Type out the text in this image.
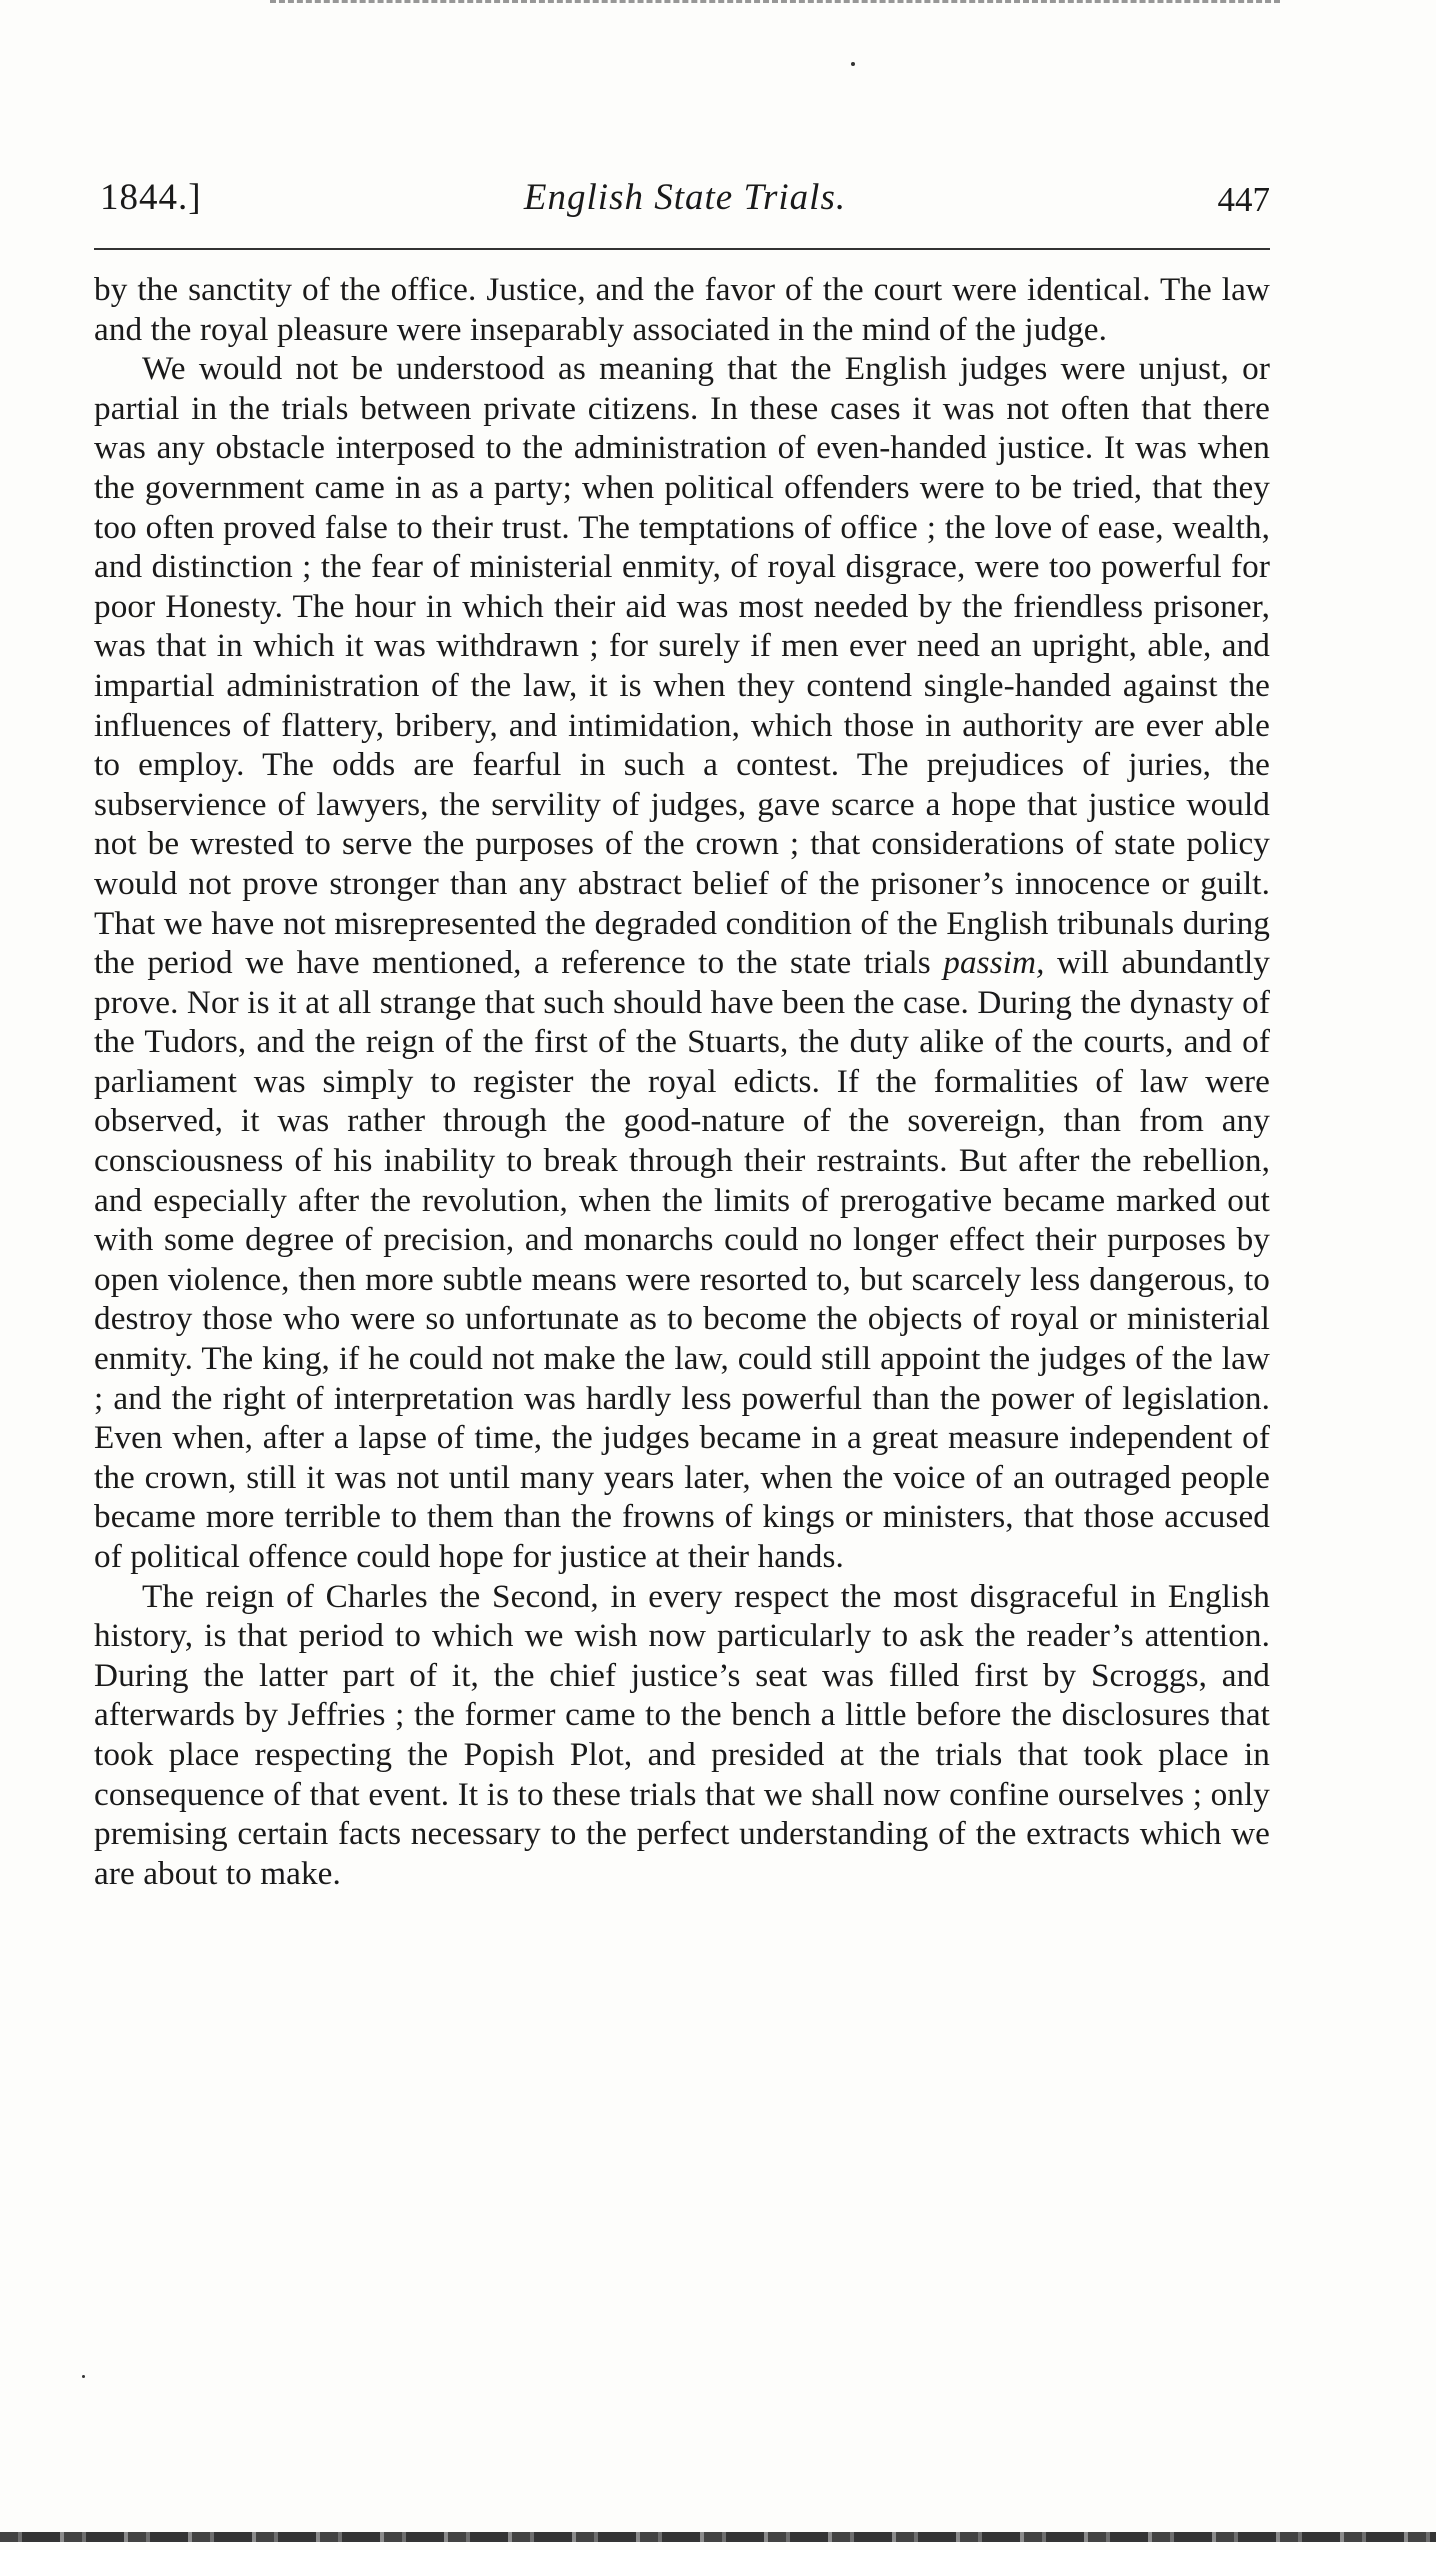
1844.]	English State Trials.	447

by the sanctity of the office. Justice, and the favor of the court were identical. The law and the royal pleasure were inseparably associated in the mind of the judge.

We would not be understood as meaning that the English judges were unjust, or partial in the trials between private citizens. In these cases it was not often that there was any obstacle interposed to the administration of even-handed justice. It was when the government came in as a party; when political offenders were to be tried, that they too often proved false to their trust. The temptations of office ; the love of ease, wealth, and distinction ; the fear of ministerial enmity, of royal disgrace, were too powerful for poor Honesty. The hour in which their aid was most needed by the friendless prisoner, was that in which it was withdrawn ; for surely if men ever need an upright, able, and impartial administration of the law, it is when they contend single-handed against the influences of flattery, bribery, and intimidation, which those in authority are ever able to employ. The odds are fearful in such a contest. The prejudices of juries, the subservience of lawyers, the servility of judges, gave scarce a hope that justice would not be wrested to serve the purposes of the crown ; that considerations of state policy would not prove stronger than any abstract belief of the prisoner’s innocence or guilt. That we have not misrepresented the degraded condition of the English tribunals during the period we have mentioned, a reference to the state trials passim, will abundantly prove. Nor is it at all strange that such should have been the case. During the dynasty of the Tudors, and the reign of the first of the Stuarts, the duty alike of the courts, and of parliament was simply to register the royal edicts. If the formalities of law were observed, it was rather through the good-nature of the sovereign, than from any consciousness of his inability to break through their restraints. But after the rebellion, and especially after the revolution, when the limits of prerogative became marked out with some degree of precision, and monarchs could no longer effect their purposes by open violence, then more subtle means were resorted to, but scarcely less dangerous, to destroy those who were so unfortunate as to become the objects of royal or ministerial enmity. The king, if he could not make the law, could still appoint the judges of the law ; and the right of interpretation was hardly less powerful than the power of legislation. Even when, after a lapse of time, the judges became in a great measure independent of the crown, still it was not until many years later, when the voice of an outraged people became more terrible to them than the frowns of kings or ministers, that those accused of political offence could hope for justice at their hands.

The reign of Charles the Second, in every respect the most disgraceful in English history, is that period to which we wish now particularly to ask the reader’s attention. During the latter part of it, the chief justice’s seat was filled first by Scroggs, and afterwards by Jeffries ; the former came to the bench a little before the disclosures that took place respecting the Popish Plot, and presided at the trials that took place in consequence of that event. It is to these trials that we shall now confine ourselves ; only premising certain facts necessary to the perfect understanding of the extracts which we are about to make.
